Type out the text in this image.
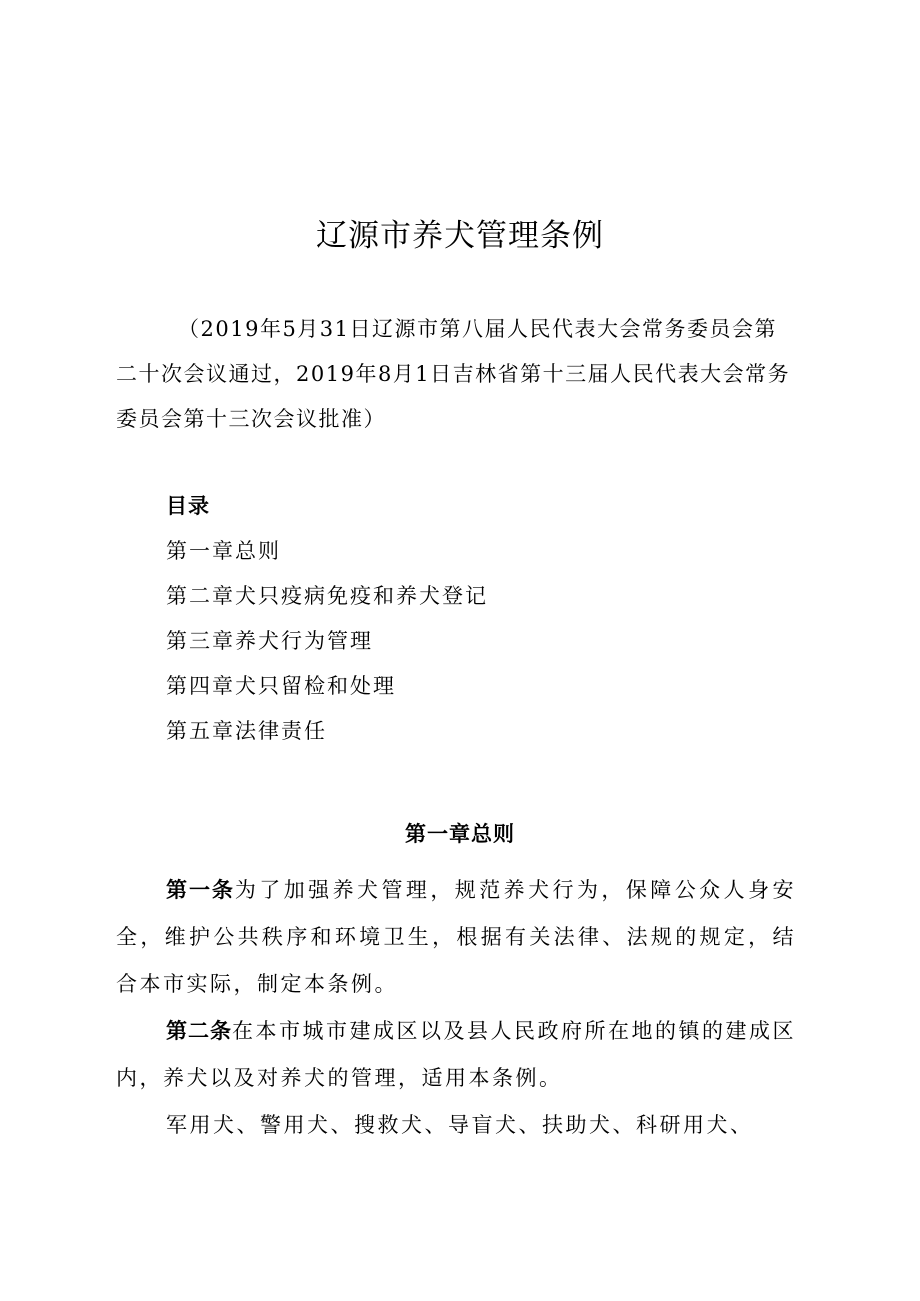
辽源市养犬管理条例

（2019年5月31日辽源市第八届人民代表大会常务委员会第二十次会议通过，2019年8月1日吉林省第十三届人民代表大会常务委员会第十三次会议批准）

目录
第一章总则
第二章犬只疫病免疫和养犬登记
第三章养犬行为管理
第四章犬只留检和处理
第五章法律责任
第一章总则

第一条为了加强养犬管理，规范养犬行为，保障公众人身安全，维护公共秩序和环境卫生，根据有关法律、法规的规定，结合本市实际，制定本条例。

第二条在本市城市建成区以及县人民政府所在地的镇的建成区内，养犬以及对养犬的管理，适用本条例。

军用犬、警用犬、搜救犬、导盲犬、扶助犬、科研用犬、
